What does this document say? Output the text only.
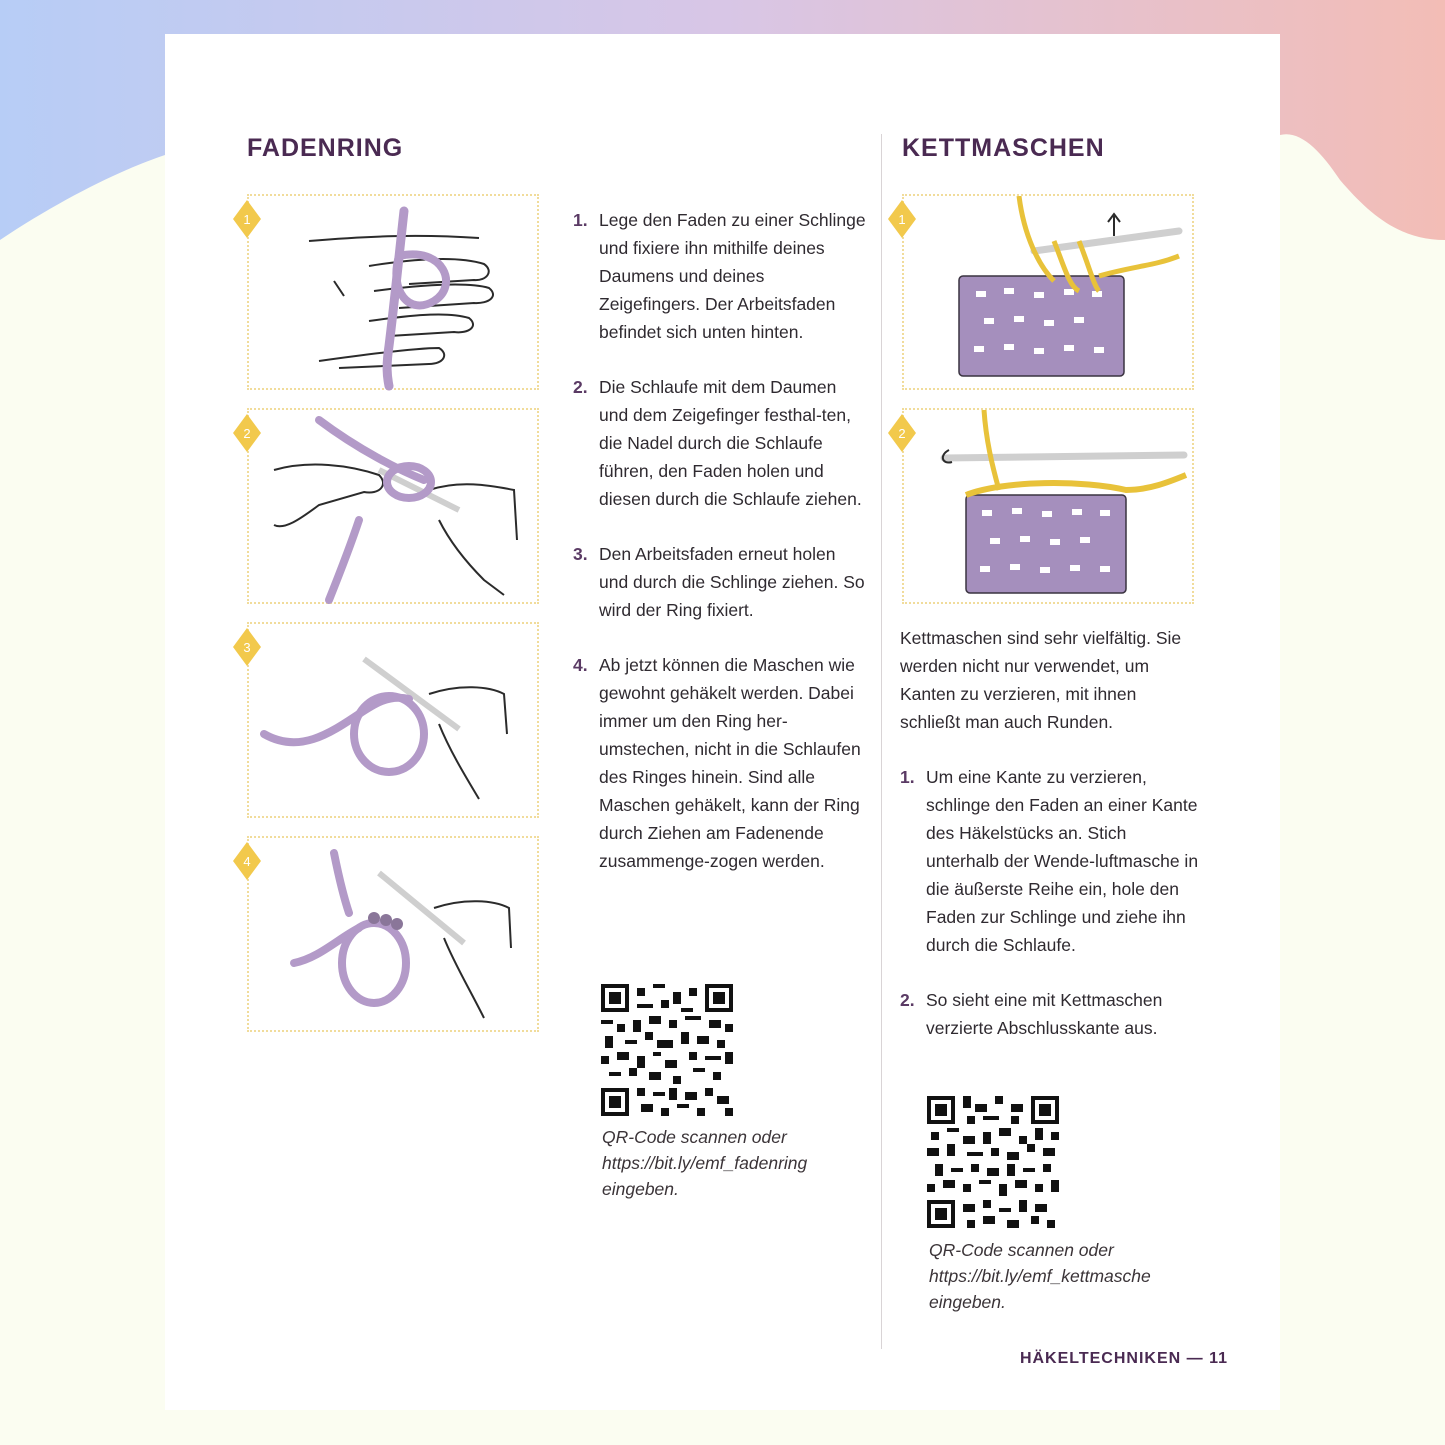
FADENRING	KETTMASCHEN
1
2
3
4
1. Lege den Faden zu einer Schlinge und fixiere ihn mithilfe deines Daumens und deines Zeigefingers. Der Arbeitsfaden befindet sich unten hinten.
2. Die Schlaufe mit dem Daumen und dem Zeigefinger festhal-ten, die Nadel durch die Schlaufe führen, den Faden holen und diesen durch die Schlaufe ziehen.
3. Den Arbeitsfaden erneut holen und durch die Schlinge ziehen. So wird der Ring fixiert.
4. Ab jetzt können die Maschen wie gewohnt gehäkelt werden. Dabei immer um den Ring her-umstechen, nicht in die Schlaufen des Ringes hinein. Sind alle Maschen gehäkelt, kann der Ring durch Ziehen am Fadenende zusammenge-zogen werden.

QR-Code scannen oder https://bit.ly/emf_fadenring eingeben.

1
2

Kettmaschen sind sehr vielfältig. Sie werden nicht nur verwendet, um Kanten zu verzieren, mit ihnen schließt man auch Runden.

1. Um eine Kante zu verzieren, schlinge den Faden an einer Kante des Häkelstücks an. Stich unterhalb der Wende-luftmasche in die äußerste Reihe ein, hole den Faden zur Schlinge und ziehe ihn durch die Schlaufe.
2. So sieht eine mit Kettmaschen verzierte Abschlusskante aus.

QR-Code scannen oder https://bit.ly/emf_kettmasche eingeben.

HÄKELTECHNIKEN — 11
